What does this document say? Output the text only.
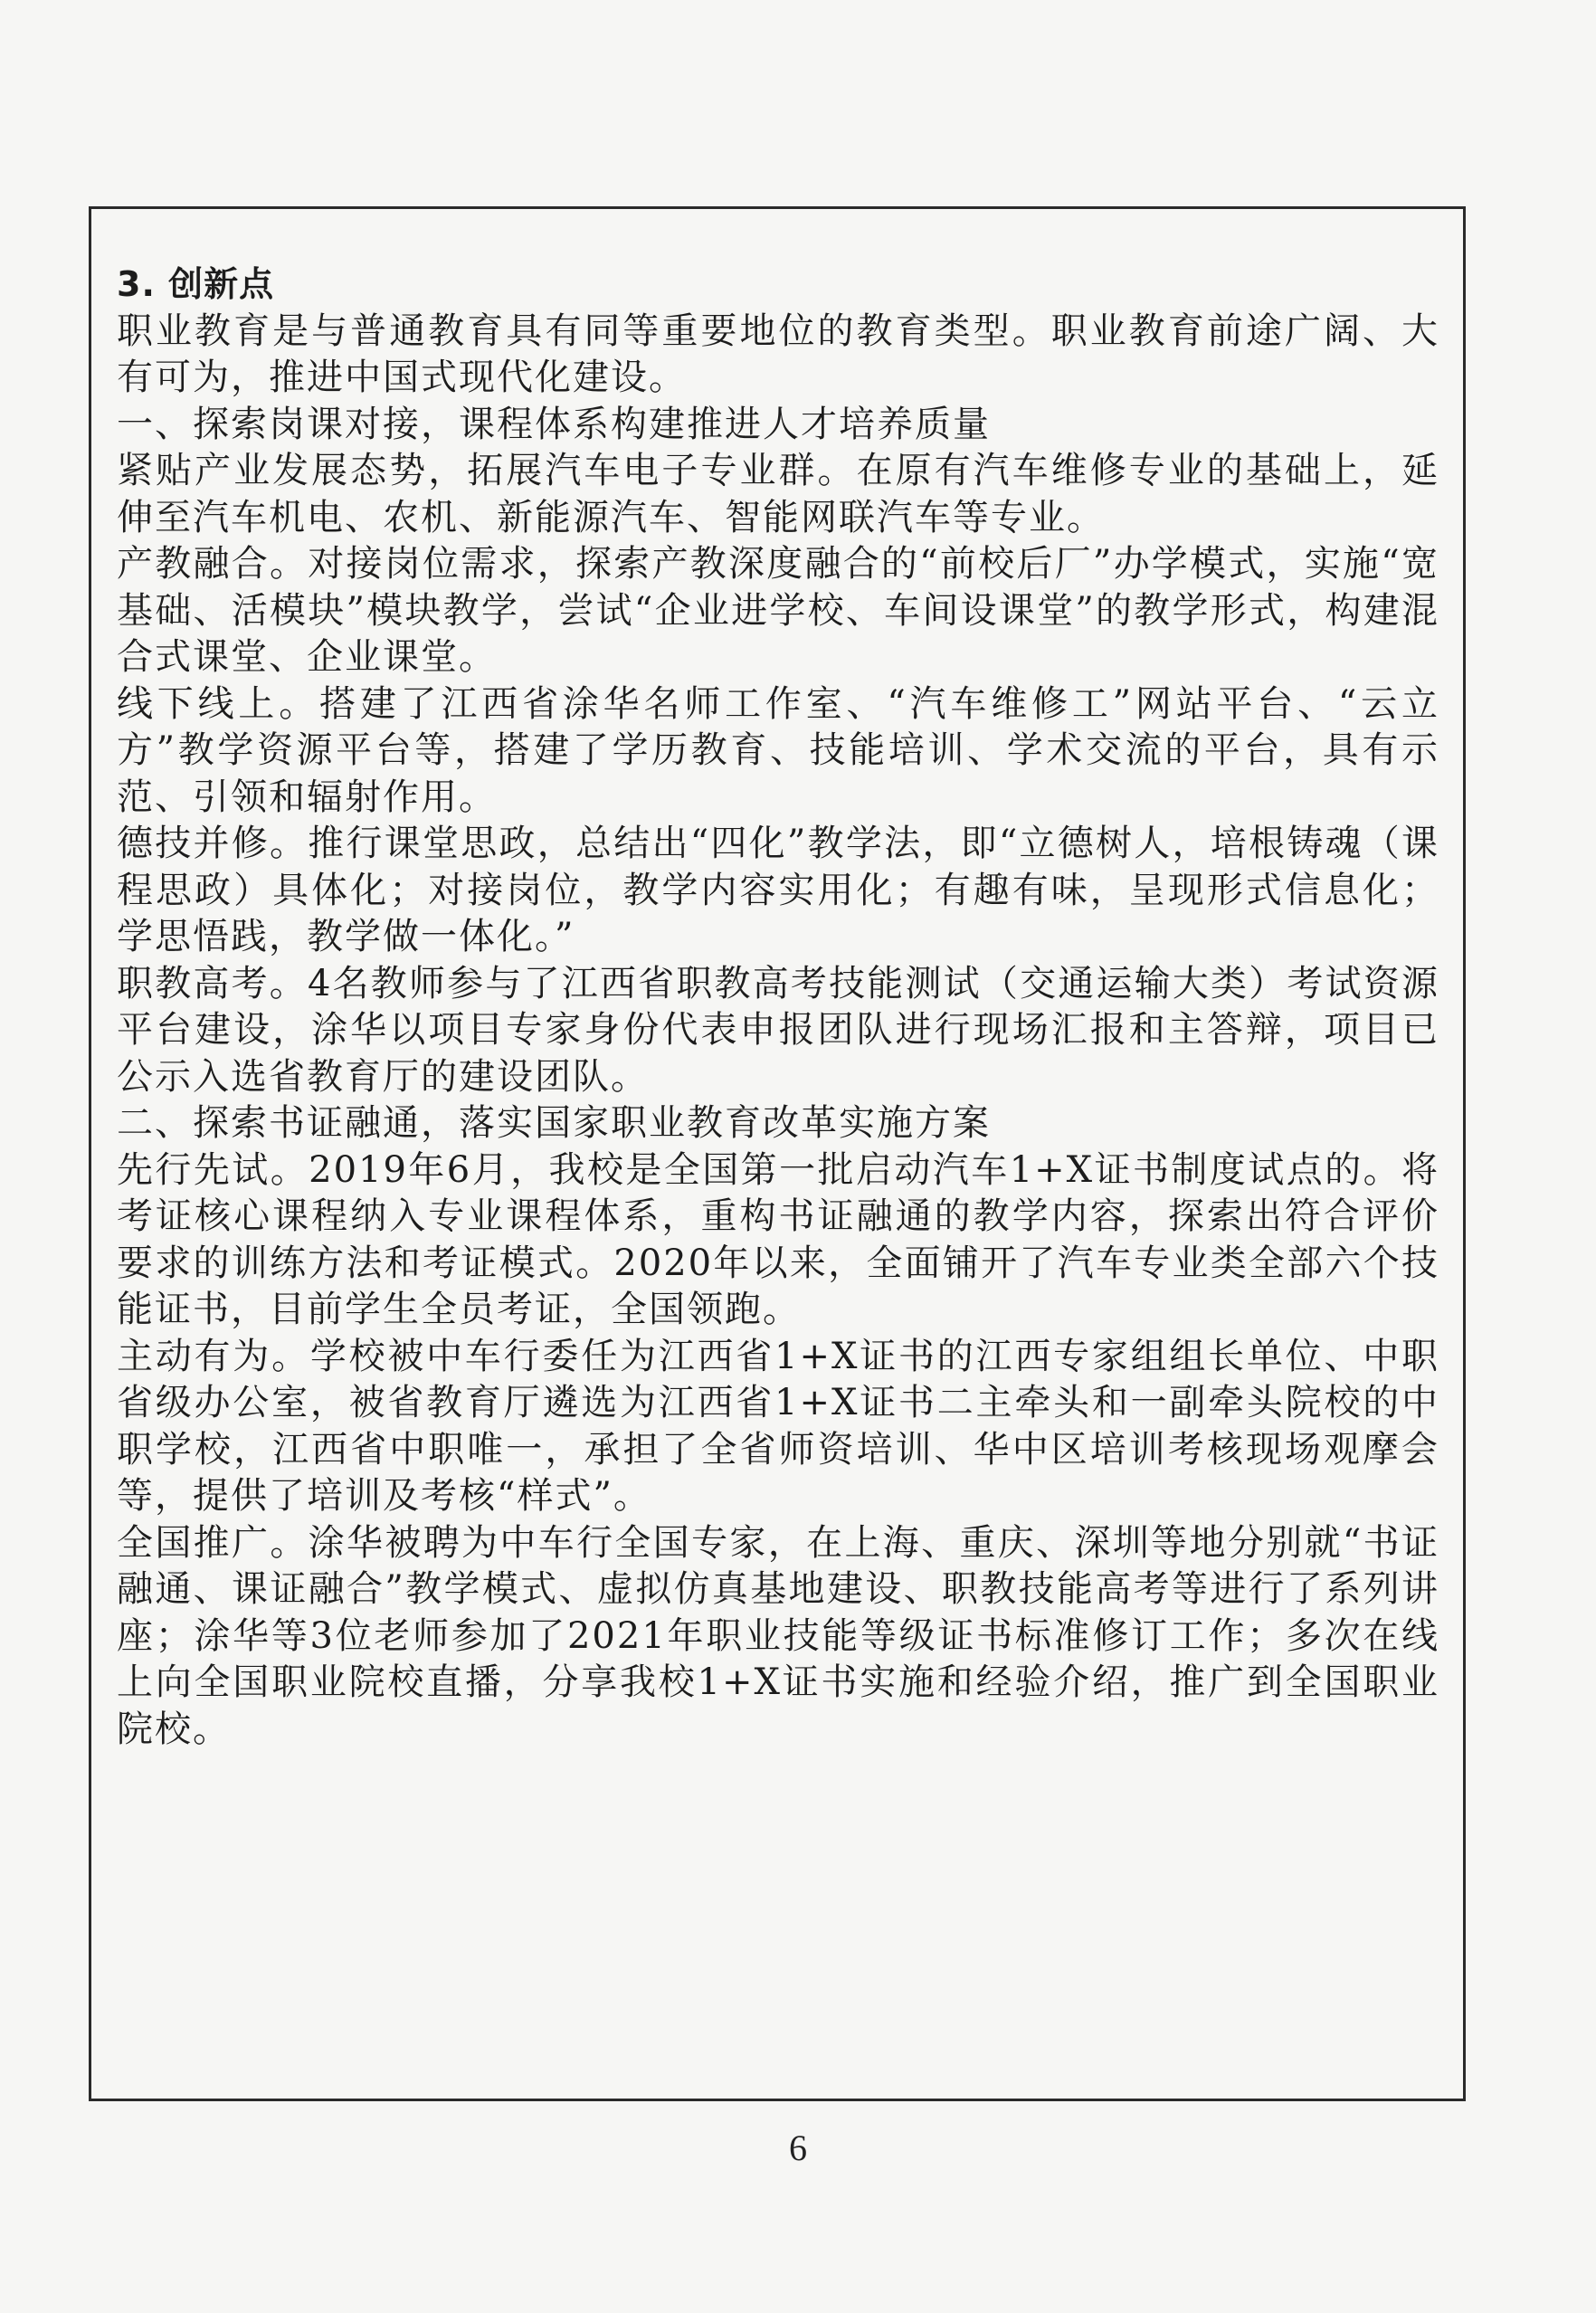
3. 创新点

职业教育是与普通教育具有同等重要地位的教育类型。职业教育前途广阔、大有可为，推进中国式现代化建设。

一、探索岗课对接，课程体系构建推进人才培养质量

紧贴产业发展态势，拓展汽车电子专业群。在原有汽车维修专业的基础上，延伸至汽车机电、农机、新能源汽车、智能网联汽车等专业。

产教融合。对接岗位需求，探索产教深度融合的“前校后厂”办学模式，实施“宽基础、活模块”模块教学，尝试“企业进学校、车间设课堂”的教学形式，构建混合式课堂、企业课堂。

线下线上。搭建了江西省涂华名师工作室、“汽车维修工”网站平台、“云立方”教学资源平台等，搭建了学历教育、技能培训、学术交流的平台，具有示范、引领和辐射作用。

德技并修。推行课堂思政，总结出“四化”教学法，即“立德树人，培根铸魂（课程思政）具体化；对接岗位，教学内容实用化；有趣有味，呈现形式信息化；学思悟践，教学做一体化。”

职教高考。4名教师参与了江西省职教高考技能测试（交通运输大类）考试资源平台建设，涂华以项目专家身份代表申报团队进行现场汇报和主答辩，项目已公示入选省教育厅的建设团队。

二、探索书证融通，落实国家职业教育改革实施方案

先行先试。2019年6月，我校是全国第一批启动汽车1+X证书制度试点的。将考证核心课程纳入专业课程体系，重构书证融通的教学内容，探索出符合评价要求的训练方法和考证模式。2020年以来，全面铺开了汽车专业类全部六个技能证书，目前学生全员考证，全国领跑。

主动有为。学校被中车行委任为江西省1+X证书的江西专家组组长单位、中职省级办公室，被省教育厅遴选为江西省1+X证书二主牵头和一副牵头院校的中职学校，江西省中职唯一，承担了全省师资培训、华中区培训考核现场观摩会等，提供了培训及考核“样式”。

全国推广。涂华被聘为中车行全国专家，在上海、重庆、深圳等地分别就“书证融通、课证融合”教学模式、虚拟仿真基地建设、职教技能高考等进行了系列讲座；涂华等3位老师参加了2021年职业技能等级证书标准修订工作；多次在线上向全国职业院校直播，分享我校1+X证书实施和经验介绍，推广到全国职业院校。

6
